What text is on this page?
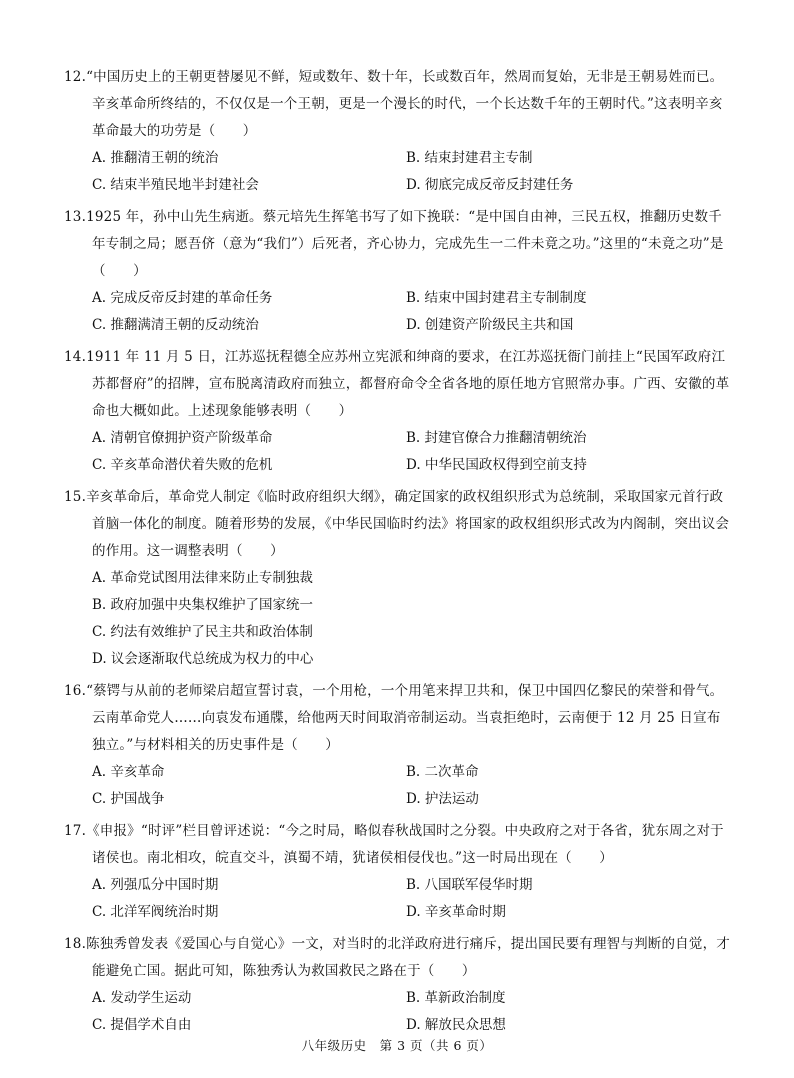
12.“中国历史上的王朝更替屡见不鲜，短或数年、数十年，长或数百年，然周而复始，无非是王朝易姓而已。辛亥革命所终结的，不仅仅是一个王朝，更是一个漫长的时代，一个长达数千年的王朝时代。”这表明辛亥革命最大的功劳是（　　）
A. 推翻清王朝的统治	B. 结束封建君主专制
C. 结束半殖民地半封建社会	D. 彻底完成反帝反封建任务
13.1925 年，孙中山先生病逝。蔡元培先生挥笔书写了如下挽联：“是中国自由神，三民五权，推翻历史数千年专制之局；愿吾侪（意为“我们”）后死者，齐心协力，完成先生一二件未竟之功。”这里的“未竟之功”是（　　）
A. 完成反帝反封建的革命任务	B. 结束中国封建君主专制制度
C. 推翻满清王朝的反动统治	D. 创建资产阶级民主共和国
14.1911 年 11 月 5 日，江苏巡抚程德全应苏州立宪派和绅商的要求，在江苏巡抚衙门前挂上“民国军政府江苏都督府”的招牌，宣布脱离清政府而独立，都督府命令全省各地的原任地方官照常办事。广西、安徽的革命也大概如此。上述现象能够表明（　　）
A. 清朝官僚拥护资产阶级革命	B. 封建官僚合力推翻清朝统治
C. 辛亥革命潜伏着失败的危机	D. 中华民国政权得到空前支持
15.辛亥革命后，革命党人制定《临时政府组织大纲》，确定国家的政权组织形式为总统制，采取国家元首行政首脑一体化的制度。随着形势的发展，《中华民国临时约法》将国家的政权组织形式改为内阁制，突出议会的作用。这一调整表明（　　）
A. 革命党试图用法律来防止专制独裁
B. 政府加强中央集权维护了国家统一
C. 约法有效维护了民主共和政治体制
D. 议会逐渐取代总统成为权力的中心
16.“蔡锷与从前的老师梁启超宣誓讨袁，一个用枪，一个用笔来捍卫共和，保卫中国四亿黎民的荣誉和骨气。云南革命党人……向袁发布通牒，给他两天时间取消帝制运动。当袁拒绝时，云南便于 12 月 25 日宣布独立。”与材料相关的历史事件是（　　）
A. 辛亥革命	B. 二次革命
C. 护国战争	D. 护法运动
17.《申报》“时评”栏目曾评述说：“今之时局，略似春秋战国时之分裂。中央政府之对于各省，犹东周之对于诸侯也。南北相攻，皖直交斗，滇蜀不靖，犹诸侯相侵伐也。”这一时局出现在（　　）
A. 列强瓜分中国时期	B. 八国联军侵华时期
C. 北洋军阀统治时期	D. 辛亥革命时期
18.陈独秀曾发表《爱国心与自觉心》一文，对当时的北洋政府进行痛斥，提出国民要有理智与判断的自觉，才能避免亡国。据此可知，陈独秀认为救国救民之路在于（　　）
A. 发动学生运动	B. 革新政治制度
C. 提倡学术自由	D. 解放民众思想
八年级历史　第 3 页（共 6 页）
